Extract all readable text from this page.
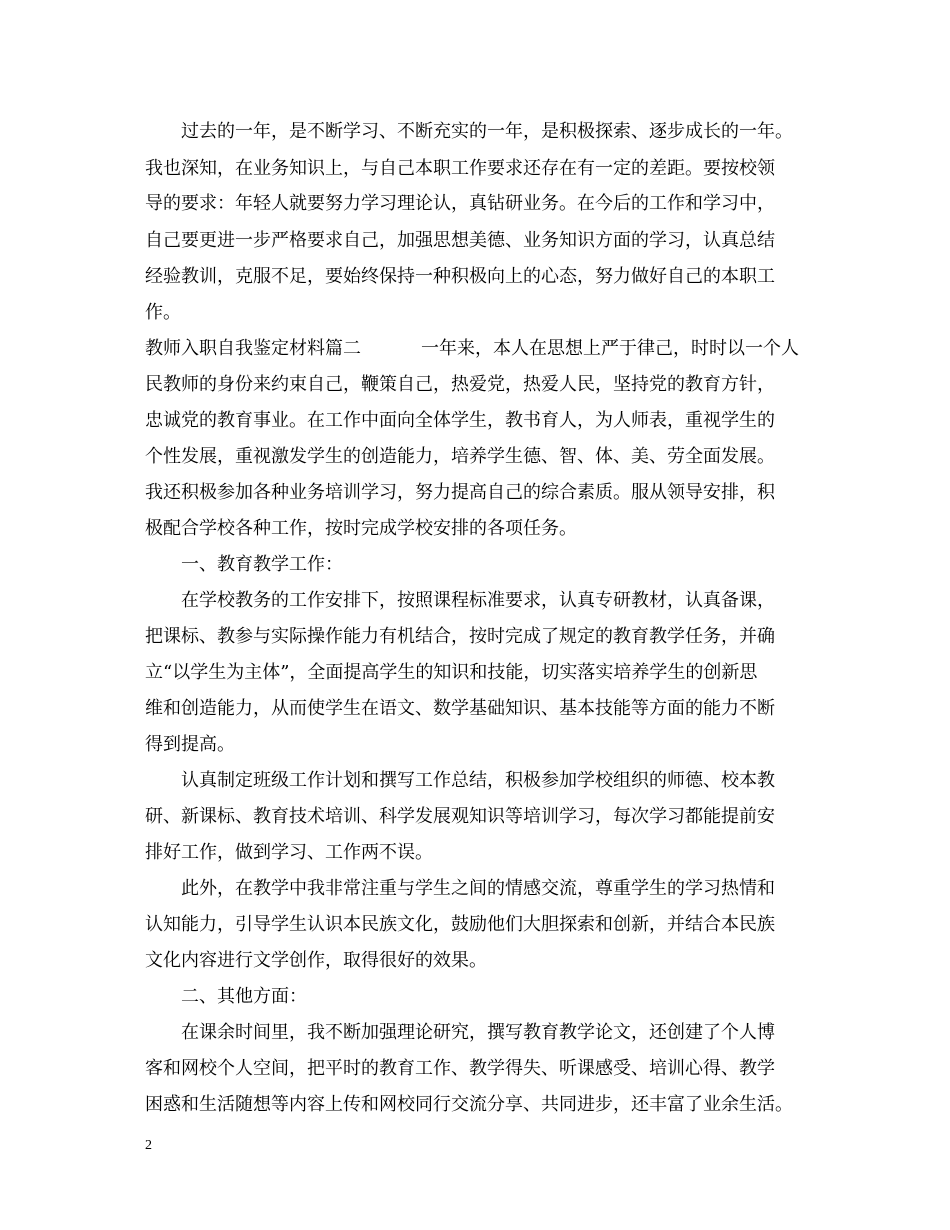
过去的一年，是不断学习、不断充实的一年，是积极探索、逐步成长的一年。
我也深知，在业务知识上，与自己本职工作要求还存在有一定的差距。要按校领
导的要求：年轻人就要努力学习理论认，真钻研业务。在今后的工作和学习中，
自己要更进一步严格要求自己，加强思想美德、业务知识方面的学习，认真总结
经验教训，克服不足，要始终保持一种积极向上的心态，努力做好自己的本职工
作。
教师入职自我鉴定材料篇二	一年来，本人在思想上严于律己，时时以一个人
民教师的身份来约束自己，鞭策自己，热爱党，热爱人民，坚持党的教育方针，
忠诚党的教育事业。在工作中面向全体学生，教书育人，为人师表，重视学生的
个性发展，重视激发学生的创造能力，培养学生德、智、体、美、劳全面发展。
我还积极参加各种业务培训学习，努力提高自己的综合素质。服从领导安排，积
极配合学校各种工作，按时完成学校安排的各项任务。
一、教育教学工作：
在学校教务的工作安排下，按照课程标准要求，认真专研教材，认真备课，
把课标、教参与实际操作能力有机结合，按时完成了规定的教育教学任务，并确
立“以学生为主体”，全面提高学生的知识和技能，切实落实培养学生的创新思
维和创造能力，从而使学生在语文、数学基础知识、基本技能等方面的能力不断
得到提高。
认真制定班级工作计划和撰写工作总结，积极参加学校组织的师德、校本教
研、新课标、教育技术培训、科学发展观知识等培训学习，每次学习都能提前安
排好工作，做到学习、工作两不误。
此外，在教学中我非常注重与学生之间的情感交流，尊重学生的学习热情和
认知能力，引导学生认识本民族文化，鼓励他们大胆探索和创新，并结合本民族
文化内容进行文学创作，取得很好的效果。
二、其他方面：
在课余时间里，我不断加强理论研究，撰写教育教学论文，还创建了个人博
客和网校个人空间，把平时的教育工作、教学得失、听课感受、培训心得、教学
困惑和生活随想等内容上传和网校同行交流分享、共同进步，还丰富了业余生活。
2
